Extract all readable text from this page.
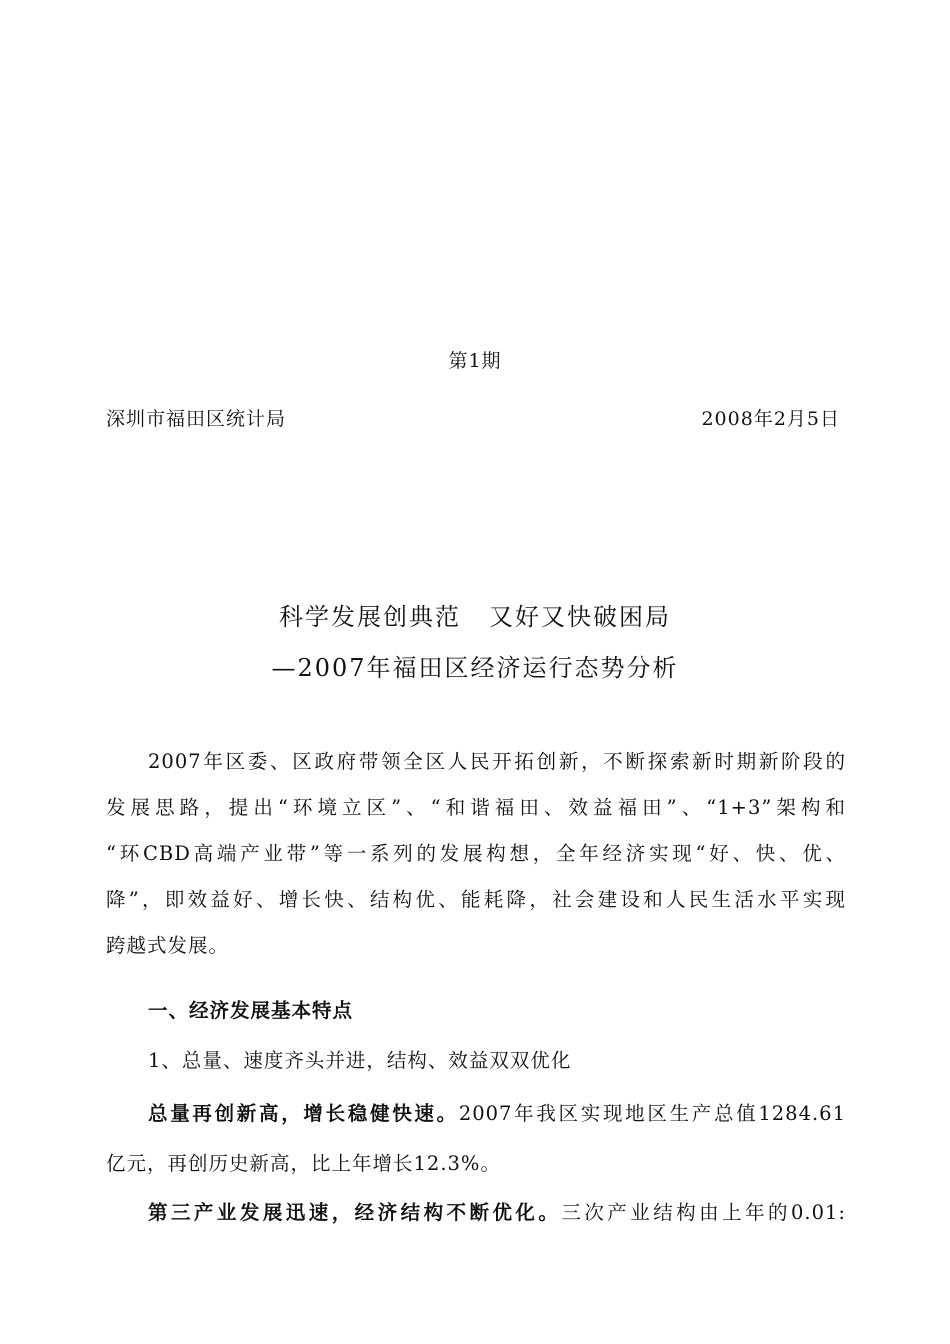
第1期
深圳市福田区统计局	2008年2月5日
科学发展创典范 又好又快破困局
—2007年福田区经济运行态势分析
2007年区委、区政府带领全区人民开拓创新，不断探索新时期新阶段的
发展思路，提出“环境立区”、“和谐福田、效益福田”、“1+3”架构和
“环CBD高端产业带”等一系列的发展构想，全年经济实现“好、快、优、
降”，即效益好、增长快、结构优、能耗降，社会建设和人民生活水平实现
跨越式发展。
一、经济发展基本特点
1、总量、速度齐头并进，结构、效益双双优化
总量再创新高，增长稳健快速。2007年我区实现地区生产总值1284.61
亿元，再创历史新高，比上年增长12.3%。
第三产业发展迅速，经济结构不断优化。三次产业结构由上年的0.01:
